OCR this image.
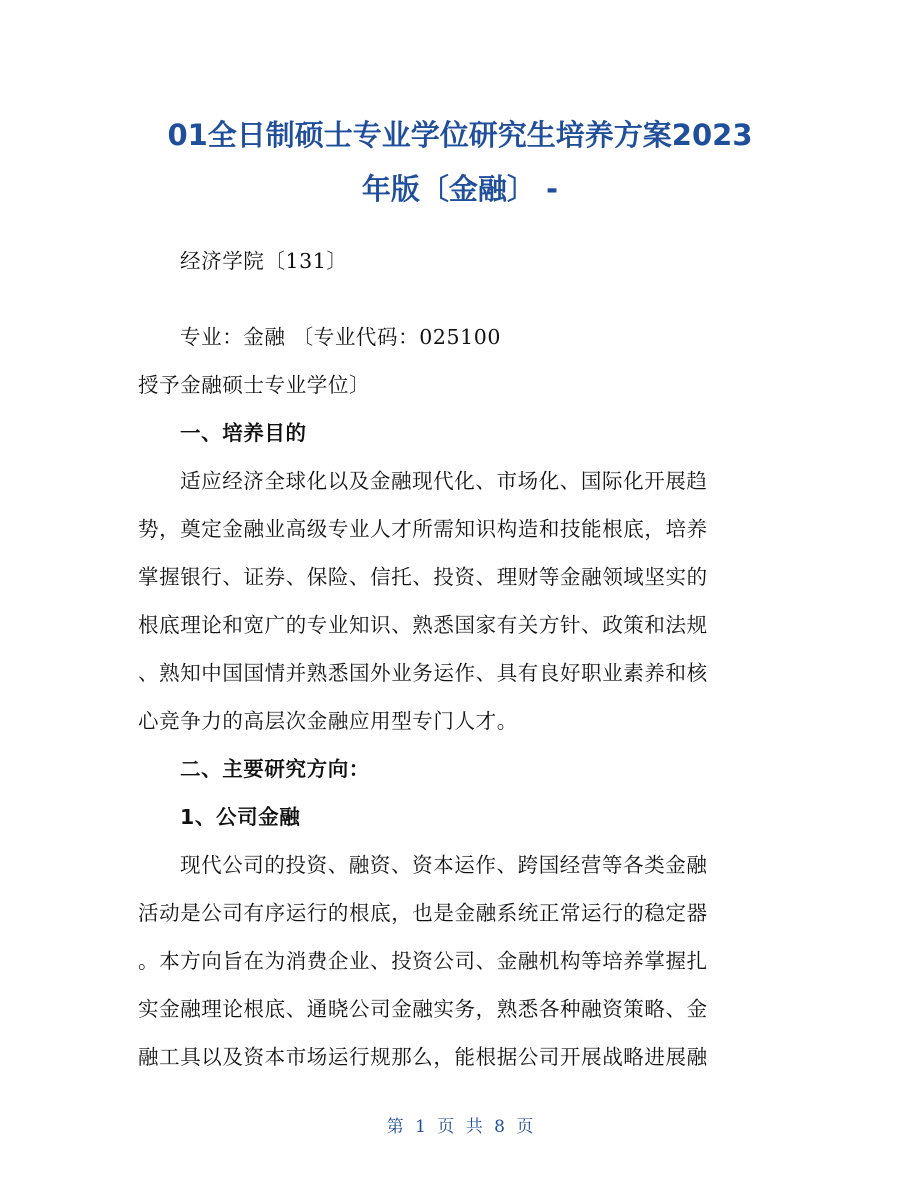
01全日制硕士专业学位研究生培养方案2023
年版〔金融〕 -

经济学院〔131〕

专业：金融 〔专业代码：025100

授予金融硕士专业学位〕

一、培养目的

适应经济全球化以及金融现代化、市场化、国际化开展趋

势，奠定金融业高级专业人才所需知识构造和技能根底，培养

掌握银行、证券、保险、信托、投资、理财等金融领域坚实的

根底理论和宽广的专业知识、熟悉国家有关方针、政策和法规

、熟知中国国情并熟悉国外业务运作、具有良好职业素养和核

心竞争力的高层次金融应用型专门人才。

二、主要研究方向：

1、公司金融

现代公司的投资、融资、资本运作、跨国经营等各类金融

活动是公司有序运行的根底，也是金融系统正常运行的稳定器

。本方向旨在为消费企业、投资公司、金融机构等培养掌握扎

实金融理论根底、通晓公司金融实务，熟悉各种融资策略、金

融工具以及资本市场运行规那么，能根据公司开展战略进展融

第 1 页 共 8 页
